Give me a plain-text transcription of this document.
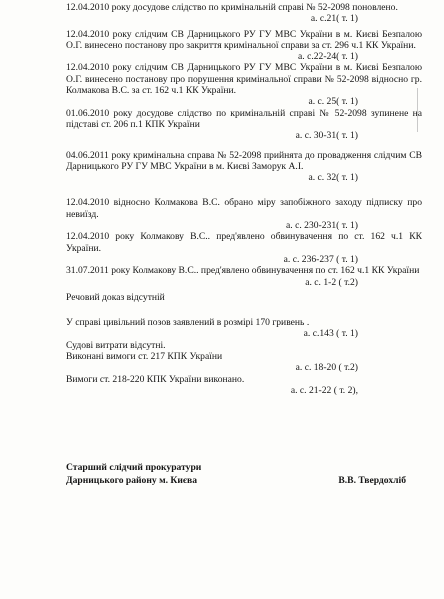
12.04.2010 року досудове слідство по кримінальній справі № 52-2098 поновлено.

а. с.21( т. 1)

12.04.2010 року слідчим СВ Дарницького РУ ГУ МВС України в м. Києві Безпалою О.Г. винесено постанову про закриття кримінальної справи за ст. 296 ч.1 КК України.

а. с.22-24( т. 1)

12.04.2010 року слідчим СВ Дарницького РУ ГУ МВС України в м. Києві Безпалою О.Г. винесено постанову про порушення кримінальної справи № 52-2098 відносно гр. Колмакова В.С. за ст. 162 ч.1 КК України.

а. с. 25( т. 1)

01.06.2010 року досудове слідство по кримінальній справі № 52-2098 зупинене на підставі ст. 206 п.1 КПК України

а. с. 30-31( т. 1)

04.06.2011 року кримінальна справа № 52-2098 прийнята до провадження слідчим СВ Дарницького РУ ГУ МВС України в м. Києві Заморук А.І.

а. с. 32( т. 1)

12.04.2010 відносно Колмакова В.С. обрано міру запобіжного заходу підписку про невиїзд.

а. с. 230-231( т. 1)

12.04.2010 року Колмакову В.С.. пред'явлено обвинувачення по ст. 162 ч.1 КК України.

а. с. 236-237 ( т. 1)

31.07.2011 року Колмакову В.С.. пред'явлено обвинувачення по ст. 162 ч.1 КК України

а. с. 1-2 ( т.2)

Речовий доказ відсутній

У справі цивільний позов заявлений в розмірі 170 гривень .

а. с.143 ( т. 1)

Судові витрати відсутні.

Виконані вимоги ст. 217 КПК України

а. с. 18-20 ( т.2)

Вимоги ст. 218-220 КПК України виконано.

а. с. 21-22 ( т. 2),

Старший слідчий прокуратури
Дарницького району м. Києва	В.В. Твердохліб
